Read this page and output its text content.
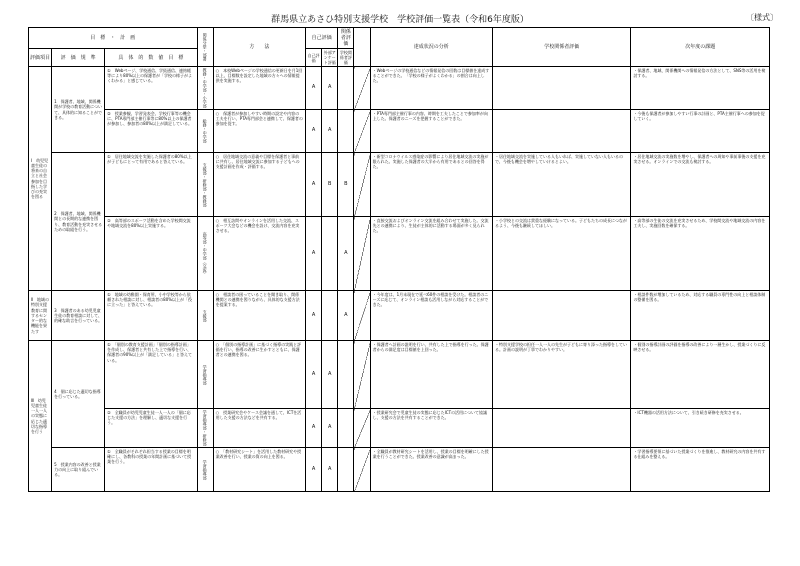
群馬県立あさひ特別支援学校　学校評価一覧表（令和6年度版）	〔様式〕
目　標　・　計　画			関係分掌・部署	方　　法	自己評価		関係者評価		達成状況の分析	学校関係者評価	次年度の課題
評価項目	評　価　規　準	具　体　的　数　値　目　標			自己評価	外部アンケート評価	学校関係者評価				
Ⅰ　幼児児童生徒の将来の自立と社会参加を目指した学びの充実を図る	1　保護者、地域、関係機関が学校の教育活動について、具体的に知ることができる。	①　Webページ、学校通信、学級通信、連絡帳等により80%以上の保護者が「学校の様子がよくわかる」と感じている。	教務・中学部・小学部	○　本校Webページの学校通信の更新日を月1回以上、目標数を設定した地域の方々への情報提供を実施する。	A	A			・Webページの学校通信などの情報発信の回数は目標値を達成することができた。「学校の様子がよくわかる」の割合は向上した。		・保護者、地域、関係機関への情報発信の方法として、SNS等の活用を検討する。
		②　授業参観、学習発表会、学校行事等の機会に、PTA専門部主催行事等に80%以上の保護者が参加し、参加者の80%以上が満足している。	総務・中学部	○　保護者が参加しやすい時期の設定や内容の工夫を行い、PTA専門部会と連携して、保護者の参加を促す。	A	A			・PTA専門部主催行事の内容、時期を工夫したことで参加率が向上した。保護者のニーズを把握することができた。		・今後も保護者が参加しやすい行事の計画と、PTA主催行事への参加を促していく。
	2　保護者、地域、関係機関との長期的な連携を図り、教育活動を充実させるための取組を行う。	①　居住地域交流を実施した保護者の80%以上が子どもにとって有用であると答えている。	支援部・研修部・教務部	○　居住地域交流の意義や目標を保護者と事前に共有し、居住地域交流に参加する子どもへの支援計画を作成・評価する。	A	B	B		・新型コロナウイルス感染症の影響により居住地域交流の実施が限られた。実施した保護者の大半から有用であるとの回答を得た。	・居住地域交流を実施している人もいれば、実施していない人もいるので、今後も機会を増やしていけるとよい。	・居住地域交流の実施数を増やし、保護者への周知や事前事後の支援を充実させる。オンラインでの交流も検討する。
		②　高等部のスポーツ活動を含めた学校間交流や地域交流を80%以上実施する。	高等部・中学部（交流）	○　相互訪問やオンラインを活用した交流、スポーツ大会などの機会を設け、交流内容を充実させる。	A		A		・直接交流およびオンライン交流を組み合わせて実施した。交流先との連携により、生徒が主体的に活動する場面が多く見られた。	・小学校との交流は貴重な経験になっている。子どもたちの成長につながるよう、今後も継続してほしい。	・高等部の生徒の交流を充実させるため、学校間交流や地域交流の内容を工夫し、実施回数を確保する。
Ⅱ　地域の特別支援教育に関するセンター的な機能を果たす	3　保護者のある幼児児童生徒の教育相談に対して、的確な助言を行っている。	①　地域の幼稚園・保育所、小中学校等から依頼された相談に対し、相談者の80%以上が「役に立った」と答えている。	支援部	○　相談者の困っていることを聞き取り、関係機関との連携を図りながら、具体的な支援方法を提案する。	A		A		・今年度は、1月末現在で延べ60件の相談を受けた。相談者のニーズに応じて、オンライン相談も活用しながら対応することができた。		・相談件数が増加しているため、対応する職員の専門性の向上と相談体制の整備を図る。
Ⅲ　幼児児童生徒一人一人の実態に応じた適切な指導を行う	4　個に応じた適切な指導を行っている。	①　「個別の教育支援計画」「個別の指導計画」を作成し、保護者と共有した上で指導を行い、保護者の90%以上が「満足している」と答えている。	学習指導部	○　「個別の指導計画」に基づく指導の実践と評価を行い、指導の改善に生かすとともに、保護者との連携を図る。	A	A			・保護者へ計画の説明を行い、共有した上で指導を行った。保護者からの満足度は目標値を上回った。	・特別支援学校の担任一人一人の先生が子どもに寄り添った指導をしている。計画の説明が丁寧でわかりやすい。	・個別の指導計画の評価を指導の改善により一層生かし、授業づくりに反映させる。
		②　全職員が幼児児童生徒一人一人の「個に応じた支援の方法」を理解し、適切な支援を行う。	学習指導部・研修部	○　授業研究会やケース会議を通して、ICTを活用した支援の方法などを共有する。	A	A			・授業研究会で児童生徒の実態に応じたICTの活用について協議し、支援の方法を共有することができた。		・ICT機器の活用方法について、引き続き研修を充実させる。
	5　授業内容の改善と授業力の向上に取り組んでいる。	①　全職員がそれぞれ担当する授業の目標を明確にし、各教科の授業の年間計画に基づいて授業を行う。	学習指導部	○　「教材研究シート」を活用した教材研究や授業改善を行い、授業の質の向上を図る。	A	A			・全職員が教材研究シートを活用し、授業の目標を明確にした授業を行うことができた。授業改善の意識が高まった。		・学習指導要領に基づいた授業づくりを推進し、教材研究の内容を共有する仕組みを整える。
